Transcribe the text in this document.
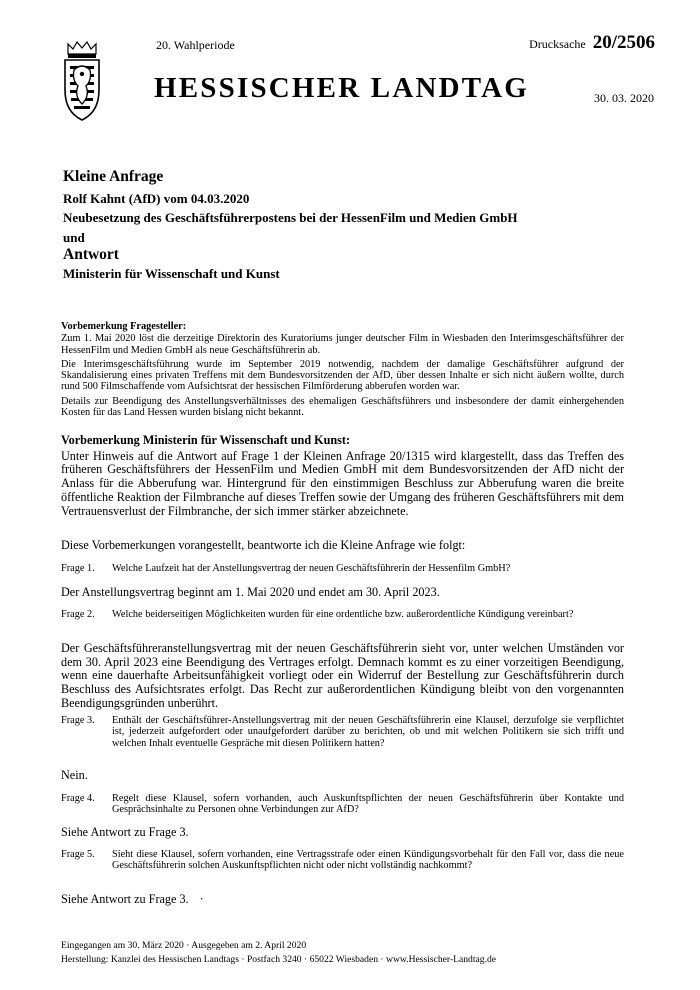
20. Wahlperiode
HESSISCHER LANDTAG
Drucksache 20/2506
30. 03. 2020
Kleine Anfrage
Rolf Kahnt (AfD) vom 04.03.2020
Neubesetzung des Geschäftsführerpostens bei der HessenFilm und Medien GmbH
und
Antwort
Ministerin für Wissenschaft und Kunst

Vorbemerkung Fragesteller:

Zum 1. Mai 2020 löst die derzeitige Direktorin des Kuratoriums junger deutscher Film in Wiesbaden den Interimsgeschäftsführer der HessenFilm und Medien GmbH als neue Geschäftsführerin ab.

Die Interimsgeschäftsführung wurde im September 2019 notwendig, nachdem der damalige Geschäftsführer aufgrund der Skandalisierung eines privaten Treffens mit dem Bundesvorsitzenden der AfD, über dessen Inhalte er sich nicht äußern wollte, durch rund 500 Filmschaffende vom Aufsichtsrat der hessischen Filmförderung abberufen worden war.

Details zur Beendigung des Anstellungsverhältnisses des ehemaligen Geschäftsführers und insbesondere der damit einhergehenden Kosten für das Land Hessen wurden bislang nicht bekannt.

Vorbemerkung Ministerin für Wissenschaft und Kunst:

Unter Hinweis auf die Antwort auf Frage 1 der Kleinen Anfrage 20/1315 wird klargestellt, dass das Treffen des früheren Geschäftsführers der HessenFilm und Medien GmbH mit dem Bundesvorsitzenden der AfD nicht der Anlass für die Abberufung war. Hintergrund für den einstimmigen Beschluss zur Abberufung waren die breite öffentliche Reaktion der Filmbranche auf dieses Treffen sowie der Umgang des früheren Geschäftsführers mit dem Vertrauensverlust der Filmbranche, der sich immer stärker abzeichnete.

Diese Vorbemerkungen vorangestellt, beantworte ich die Kleine Anfrage wie folgt:
Frage 1.	Welche Laufzeit hat der Anstellungsvertrag der neuen Geschäftsführerin der Hessenfilm GmbH?
Der Anstellungsvertrag beginnt am 1. Mai 2020 und endet am 30. April 2023.
Frage 2.	Welche beiderseitigen Möglichkeiten wurden für eine ordentliche bzw. außerordentliche Kündigung vereinbart?
Der Geschäftsführeranstellungsvertrag mit der neuen Geschäftsführerin sieht vor, unter welchen Umständen vor dem 30. April 2023 eine Beendigung des Vertrages erfolgt. Demnach kommt es zu einer vorzeitigen Beendigung, wenn eine dauerhafte Arbeitsunfähigkeit vorliegt oder ein Widerruf der Bestellung zur Geschäftsführerin durch Beschluss des Aufsichtsrates erfolgt. Das Recht zur außerordentlichen Kündigung bleibt von den vorgenannten Beendigungsgründen unberührt.
Frage 3.	Enthält der Geschäftsführer-Anstellungsvertrag mit der neuen Geschäftsführerin eine Klausel, derzufolge sie verpflichtet ist, jederzeit aufgefordert oder unaufgefordert darüber zu berichten, ob und mit welchen Politikern sie sich trifft und welchen Inhalt eventuelle Gespräche mit diesen Politikern hatten?
Nein.
Frage 4.	Regelt diese Klausel, sofern vorhanden, auch Auskunftspflichten der neuen Geschäftsführerin über Kontakte und Gesprächsinhalte zu Personen ohne Verbindungen zur AfD?
Siehe Antwort zu Frage 3.
Frage 5.	Sieht diese Klausel, sofern vorhanden, eine Vertragsstrafe oder einen Kündigungsvorbehalt für den Fall vor, dass die neue Geschäftsführerin solchen Auskunftspflichten nicht oder nicht vollständig nachkommt?
Siehe Antwort zu Frage 3. ·
Eingegangen am 30. März 2020 · Ausgegeben am 2. April 2020
Herstellung: Kanzlei des Hessischen Landtags · Postfach 3240 · 65022 Wiesbaden · www.Hessischer-Landtag.de
